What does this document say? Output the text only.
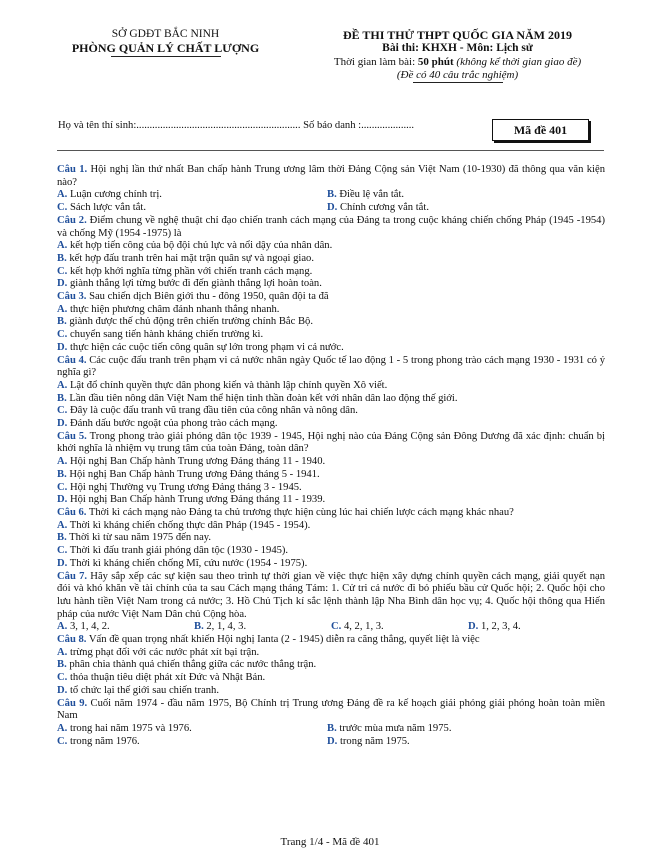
SỞ GDĐT BẮC NINH
PHÒNG QUẢN LÝ CHẤT LƯỢNG
ĐỀ THI THỬ THPT QUỐC GIA NĂM 2019
Bài thi: KHXH - Môn: Lịch sử
Thời gian làm bài: 50 phút (không kể thời gian giao đề)
(Đề có 40 câu trắc nghiệm)
Họ và tên thí sinh:.............................................................. Số báo danh :....................	Mã đề 401
Câu 1. Hội nghị lần thứ nhất Ban chấp hành Trung ương lâm thời Đảng Cộng sản Việt Nam (10-1930) đã thông qua văn kiện nào?
A. Luận cương chính trị.	B. Điều lệ vắn tắt.
C. Sách lược vắn tắt.	D. Chính cương vắn tắt.
Câu 2. Điểm chung về nghệ thuật chỉ đạo chiến tranh cách mạng của Đảng ta trong cuộc kháng chiến chống Pháp (1945 -1954) và chống Mỹ (1954 -1975) là
A. kết hợp tiến công của bộ đội chủ lực và nổi dậy của nhân dân.
B. kết hợp đấu tranh trên hai mặt trận quân sự và ngoại giao.
C. kết hợp khởi nghĩa từng phần với chiến tranh cách mạng.
D. giành thắng lợi từng bước đi đến giành thắng lợi hoàn toàn.
Câu 3. Sau chiến dịch Biên giới thu - đông 1950, quân đội ta đã
A. thực hiện phương châm đánh nhanh thắng nhanh.
B. giành được thế chủ động trên chiến trường chính Bắc Bộ.
C. chuyển sang tiến hành kháng chiến trường kì.
D. thực hiện các cuộc tiến công quân sự lớn trong phạm vi cả nước.
Câu 4. Các cuộc đấu tranh trên phạm vi cả nước nhân ngày Quốc tế lao động 1 - 5 trong phong trào cách mạng 1930 - 1931 có ý nghĩa gì?
A. Lật đổ chính quyền thực dân phong kiến và thành lập chính quyền Xô viết.
B. Lần đầu tiên nông dân Việt Nam thể hiện tinh thần đoàn kết với nhân dân lao động thế giới.
C. Đây là cuộc đấu tranh vũ trang đầu tiên của công nhân và nông dân.
D. Đánh dấu bước ngoặt của phong trào cách mạng.
Câu 5. Trong phong trào giải phóng dân tộc 1939 - 1945, Hội nghị nào của Đảng Cộng sản Đông Dương đã xác định: chuẩn bị khởi nghĩa là nhiệm vụ trung tâm của toàn Đảng, toàn dân?
A. Hội nghị Ban Chấp hành Trung ương Đảng tháng 11 - 1940.
B. Hội nghị Ban Chấp hành Trung ương Đảng tháng 5 - 1941.
C. Hội nghị Thường vụ Trung ương Đảng tháng 3 - 1945.
D. Hội nghị Ban Chấp hành Trung ương Đảng tháng 11 - 1939.
Câu 6. Thời kì cách mạng nào Đảng ta chủ trương thực hiện cùng lúc hai chiến lược cách mạng khác nhau?
A. Thời kì kháng chiến chống thực dân Pháp (1945 - 1954).
B. Thời kì từ sau năm 1975 đến nay.
C. Thời kì đấu tranh giải phóng dân tộc (1930 - 1945).
D. Thời kì kháng chiến chống Mĩ, cứu nước (1954 - 1975).
Câu 7. Hãy sắp xếp các sự kiện sau theo trình tự thời gian về việc thực hiện xây dựng chính quyền cách mạng, giải quyết nạn đói và khó khăn về tài chính của ta sau Cách mạng tháng Tám: 1. Cử tri cả nước đi bỏ phiếu bầu cử Quốc hội; 2. Quốc hội cho lưu hành tiền Việt Nam trong cả nước; 3. Hồ Chủ Tịch kí sắc lệnh thành lập Nha Bình dân học vụ; 4. Quốc hội thông qua Hiến pháp của nước Việt Nam Dân chủ Cộng hòa.
A. 3, 1, 4, 2.	B. 2, 1, 4, 3.	C. 4, 2, 1, 3.	D. 1, 2, 3, 4.
Câu 8. Vấn đề quan trọng nhất khiến Hội nghị Ianta (2 - 1945) diễn ra căng thẳng, quyết liệt là việc
A. trừng phạt đối với các nước phát xít bại trận.
B. phân chia thành quả chiến thắng giữa các nước thắng trận.
C. thỏa thuận tiêu diệt phát xít Đức và Nhật Bản.
D. tổ chức lại thế giới sau chiến tranh.
Câu 9. Cuối năm 1974 - đầu năm 1975, Bộ Chính trị Trung ương Đảng đề ra kế hoạch giải phóng giải phóng hoàn toàn miền Nam
A. trong hai năm 1975 và 1976.	B. trước mùa mưa năm 1975.
C. trong năm 1976.	D. trong năm 1975.
Trang 1/4 - Mã đề 401
